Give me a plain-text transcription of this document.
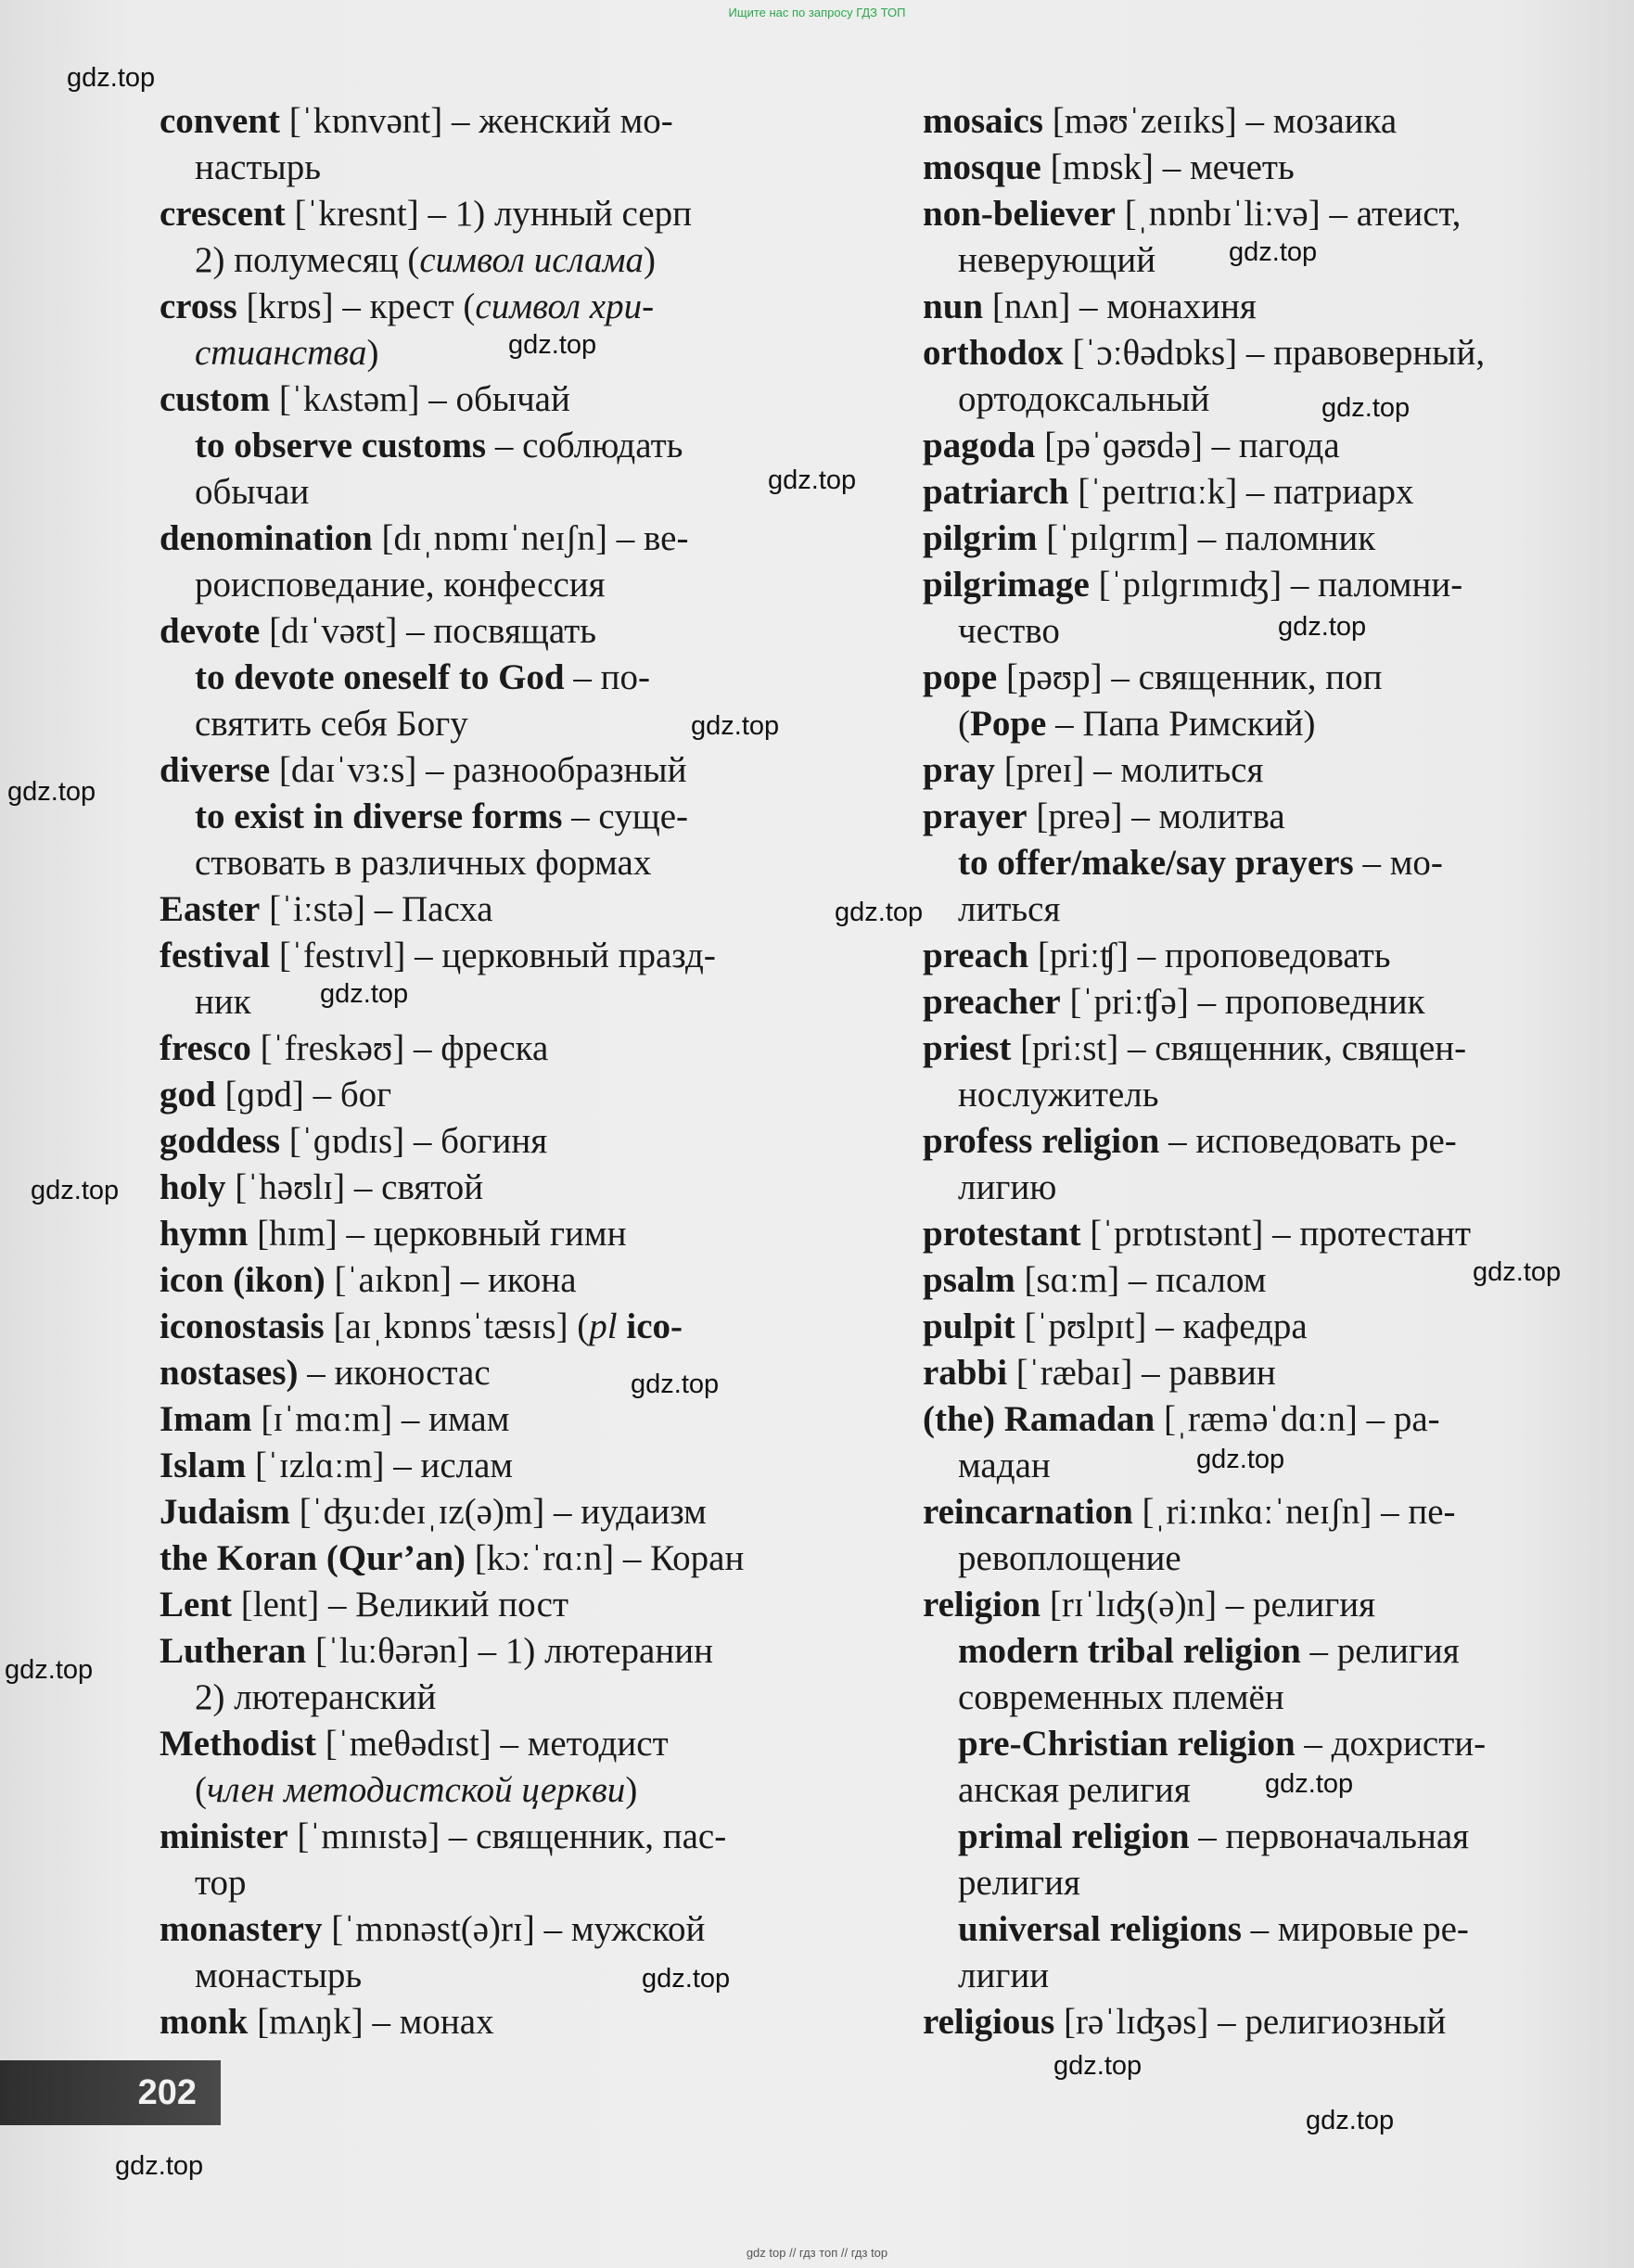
Ищите нас по запросу ГДЗ ТОП
convent [ˈkɒnvənt] – женский мо-
настырь
crescent [ˈkresnt] – 1) лунный серп
2) полумесяц (символ ислама)
cross [krɒs] – крест (символ хри-
стианства)
custom [ˈkʌstəm] – обычай
to observe customs – соблюдать
обычаи
denomination [dɪˌnɒmɪˈneɪʃn] – ве-
роисповедание, конфессия
devote [dɪˈvəʊt] – посвящать
to devote oneself to God – по-
святить себя Богу
diverse [daɪˈvɜːs] – разнообразный
to exist in diverse forms – суще-
ствовать в различных формах
Easter [ˈiːstə] – Пасха
festival [ˈfestɪvl] – церковный празд-
ник
fresco [ˈfreskəʊ] – фреска
god [ɡɒd] – бог
goddess [ˈɡɒdɪs] – богиня
holy [ˈhəʊlɪ] – святой
hymn [hɪm] – церковный гимн
icon (ikon) [ˈaɪkɒn] – икона
iconostasis [aɪˌkɒnɒsˈtæsɪs] (pl ico-
nostases) – иконостас
Imam [ɪˈmɑːm] – имам
Islam [ˈɪzlɑːm] – ислам
Judaism [ˈʤuːdeɪˌɪz(ə)m] – иудаизм
the Koran (Qur’an) [kɔːˈrɑːn] – Коран
Lent [lent] – Великий пост
Lutheran [ˈluːθərən] – 1) лютеранин
2) лютеранский
Methodist [ˈmeθədɪst] – методист
(член методистской церкви)
minister [ˈmɪnɪstə] – священник, пас-
тор
monastery [ˈmɒnəst(ə)rɪ] – мужской
монастырь
monk [mʌŋk] – монах
mosaics [məʊˈzeɪɪks] – мозаика
mosque [mɒsk] – мечеть
non-believer [ˌnɒnbɪˈliːvə] – атеист,
неверующий
nun [nʌn] – монахиня
orthodox [ˈɔːθədɒks] – правоверный,
ортодоксальный
pagoda [pəˈɡəʊdə] – пагода
patriarch [ˈpeɪtrɪɑːk] – патриарх
pilgrim [ˈpɪlɡrɪm] – паломник
pilgrimage [ˈpɪlɡrɪmɪʤ] – паломни-
чество
pope [pəʊp] – священник, поп
(Pope – Папа Римский)
pray [preɪ] – молиться
prayer [preə] – молитва
to offer/make/say prayers – мо-
литься
preach [priːʧ] – проповедовать
preacher [ˈpriːʧə] – проповедник
priest [priːst] – священник, священ-
нослужитель
profess religion – исповедовать ре-
лигию
protestant [ˈprɒtɪstənt] – протестант
psalm [sɑːm] – псалом
pulpit [ˈpʊlpɪt] – кафедра
rabbi [ˈræbaɪ] – раввин
(the) Ramadan [ˌræməˈdɑːn] – ра-
мадан
reincarnation [ˌriːɪnkɑːˈneɪʃn] – пе-
ревоплощение
religion [rɪˈlɪʤ(ə)n] – религия
modern tribal religion – религия
современных племён
pre-Christian religion – дохристи-
анская религия
primal religion – первоначальная
религия
universal religions – мировые ре-
лигии
religious [rəˈlɪʤəs] – религиозный
gdz.top
gdz.top
gdz.top
gdz.top
gdz.top
gdz.top
gdz.top
gdz.top
gdz.top
gdz.top
gdz.top
gdz.top
gdz.top
gdz.top
gdz.top
gdz.top
gdz.top
gdz.top
gdz.top
gdz.top
202
gdz top // гдз топ // гдз top
